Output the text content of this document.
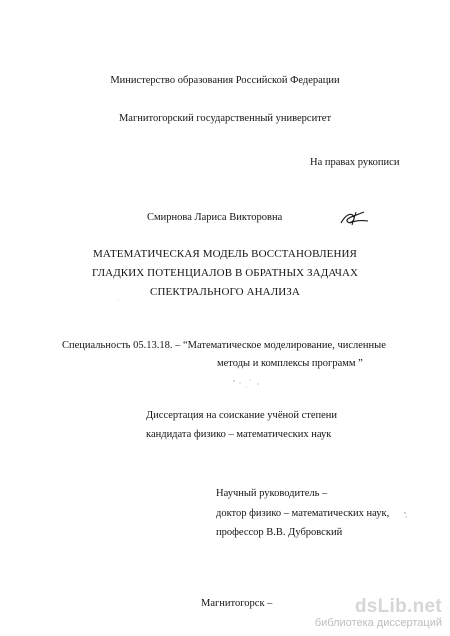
Министерство образования Российской Федерации
Магнитогорский государственный университет
На правах рукописи
Смирнова Лариса Викторовна
МАТЕМАТИЧЕСКАЯ МОДЕЛЬ ВОССТАНОВЛЕНИЯ
ГЛАДКИХ ПОТЕНЦИАЛОВ В ОБРАТНЫХ ЗАДАЧАХ
СПЕКТРАЛЬНОГО АНАЛИЗА
Специальность 05.13.18. – “Математическое моделирование, численные
методы и комплексы программ ”
Диссертация на соискание учёной степени
кандидата физико – математических наук
Научный руководитель –
доктор физико – математических наук,
профессор В.В. Дубровский
Магнитогорск –	dsLib.net
библиотека диссертаций
